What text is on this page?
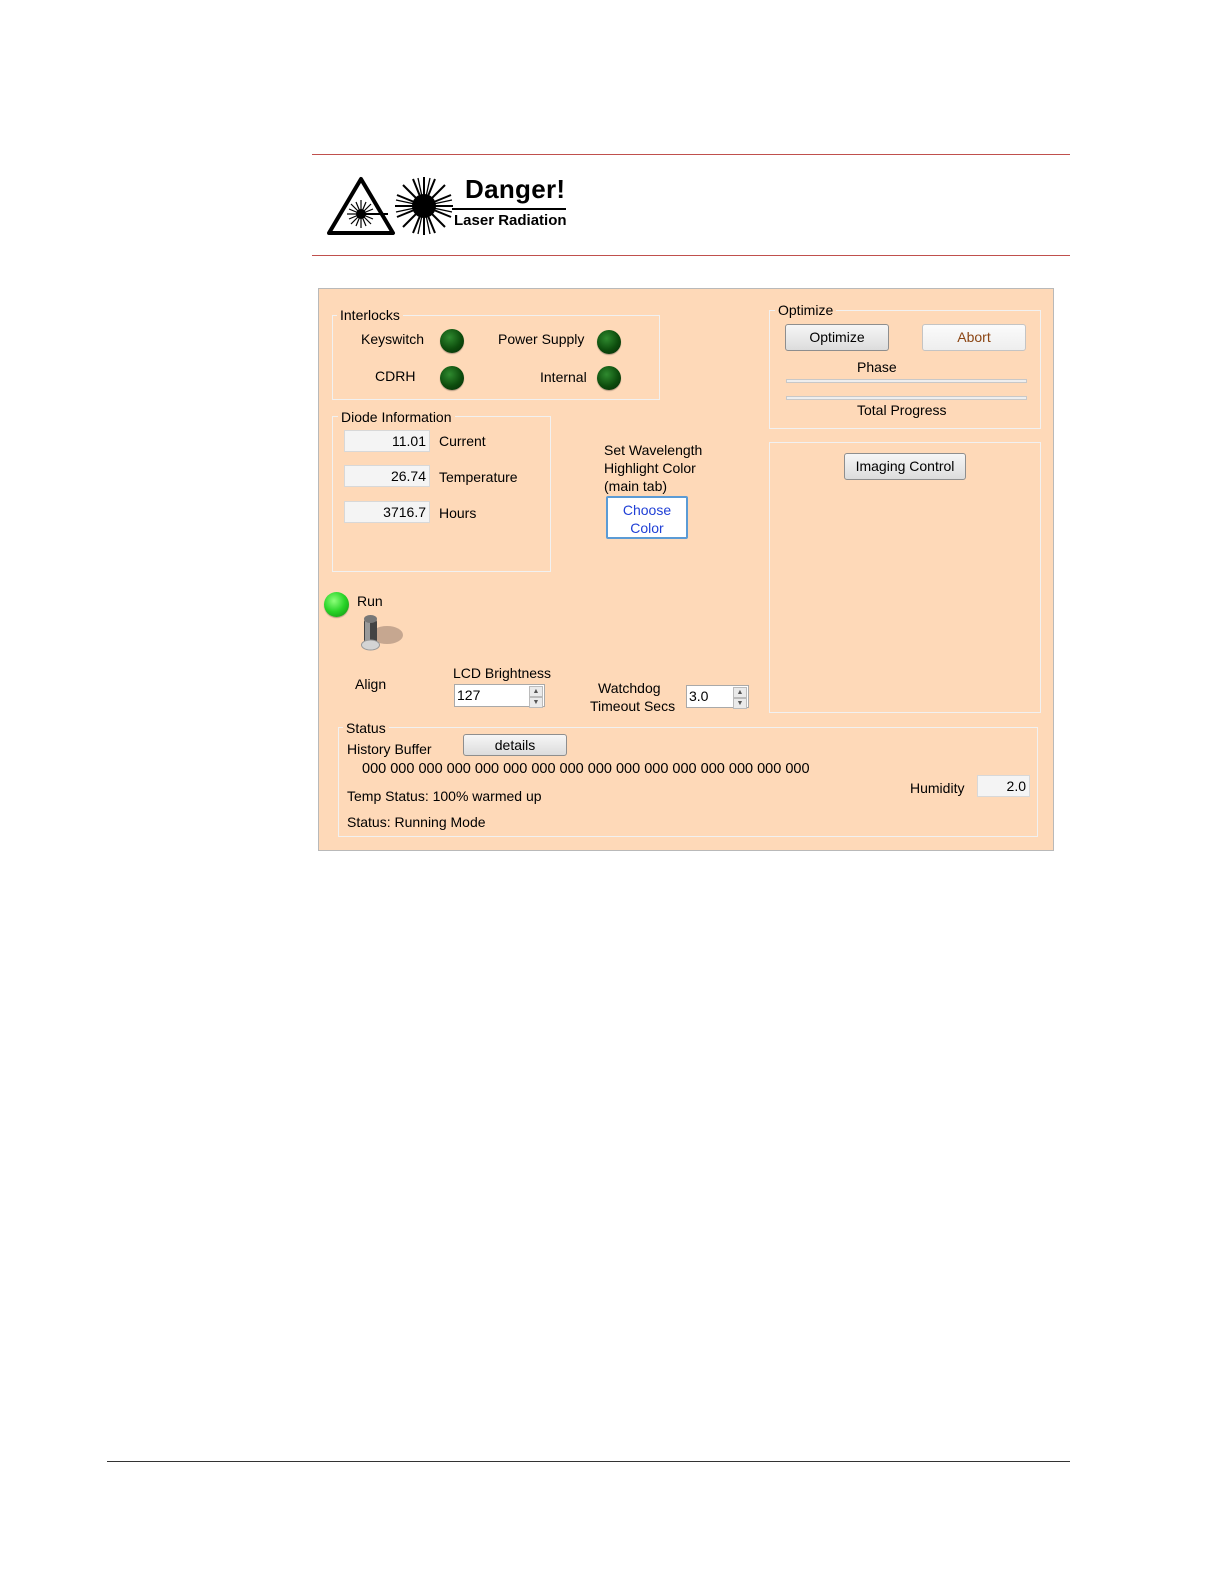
Danger!
Laser Radiation
Interlocks
Keyswitch	Power Supply
CDRH	Internal
Diode Information
11.01 Current
26.74 Temperature
3716.7 Hours
Set Wavelength
Highlight Color
(main tab)
Choose
Color
Optimize
Optimize	Abort
Phase
Total Progress
Imaging Control
Run
Align
LCD Brightness
127	▲
▼
Watchdog
Timeout Secs
3.0	▲
▼
Status
History Buffer	details
000 000 000 000 000 000 000 000 000 000 000 000 000 000 000 000
Temp Status: 100% warmed up
Status: Running Mode
Humidity	2.0
